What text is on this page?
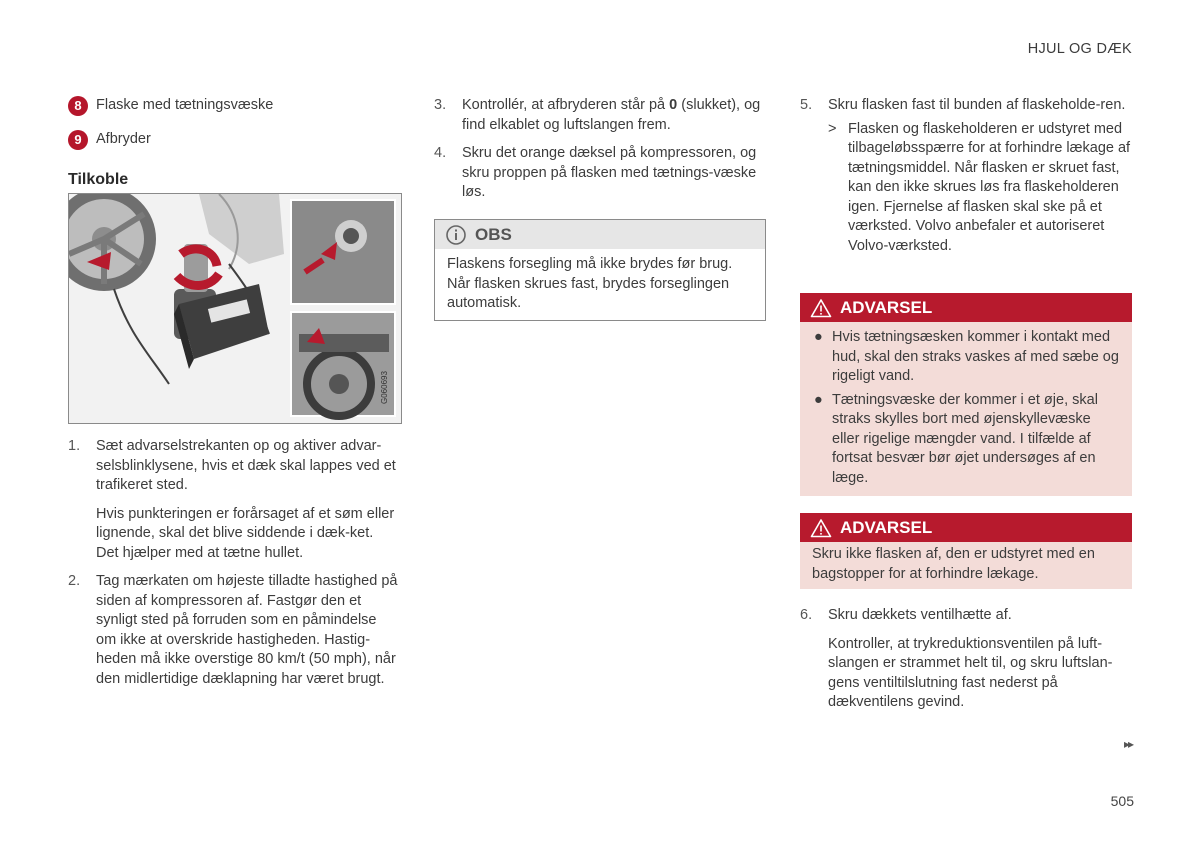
HJUL OG DÆK
8 Flaske med tætningsvæske
9 Afbryder
Tilkoble
G060693
1.	Sæt advarselstrekanten op og aktiver advar-selsblinklysene, hvis et dæk skal lappes ved et trafikeret sted.

Hvis punkteringen er forårsaget af et søm eller lignende, skal det blive siddende i dæk-ket. Det hjælper med at tætne hullet.

2.	Tag mærkaten om højeste tilladte hastighed på siden af kompressoren af. Fastgør den et synligt sted på forruden som en påmindelse om ikke at overskride hastigheden. Hastig-heden må ikke overstige 80 km/t (50 mph), når den midlertidige dæklapning har været brugt.
3.	Kontrollér, at afbryderen står på 0 (slukket), og find elkablet og luftslangen frem.
4.	Skru det orange dæksel på kompressoren, og skru proppen på flasken med tætnings-væske løs.
OBS
Flaskens forsegling må ikke brydes før brug. Når flasken skrues fast, brydes forseglingen automatisk.
5.	Skru flasken fast til bunden af flaskeholde-ren.
> Flasken og flaskeholderen er udstyret med tilbageløbsspærre for at forhindre lækage af tætningsmiddel. Når flasken er skruet fast, kan den ikke skrues løs fra flaskeholderen igen. Fjernelse af flasken skal ske på et værksted. Volvo anbefaler et autoriseret Volvo-værksted.
ADVARSEL
● Hvis tætningsæsken kommer i kontakt med hud, skal den straks vaskes af med sæbe og rigeligt vand.
● Tætningsvæske der kommer i et øje, skal straks skylles bort med øjenskyllevæske eller rigelige mængder vand. I tilfælde af fortsat besvær bør øjet undersøges af en læge.
ADVARSEL
Skru ikke flasken af, den er udstyret med en bagstopper for at forhindre lækage.
6.	Skru dækkets ventilhætte af.

Kontroller, at trykreduktionsventilen på luft-slangen er strammet helt til, og skru luftslan-gens ventiltilslutning fast nederst på dækventilens gevind.

▸▸
505
